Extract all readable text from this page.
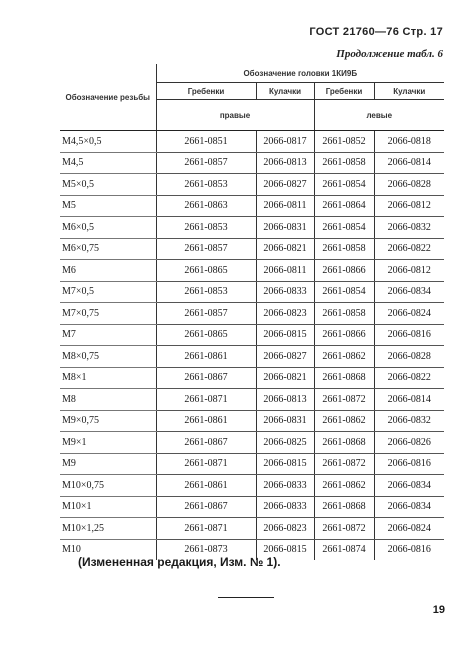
ГОСТ 21760—76 Стр. 17
Продолжение табл. 6
Обозначение резьбы	Обозначение головки 1КИ9Б			
	Гребенки	Кулачки	Гребенки	Кулачки
	правые		левые	
M4,5×0,5	2661-0851	2066-0817	2661-0852	2066-0818
M4,5	2661-0857	2066-0813	2661-0858	2066-0814
M5×0,5	2661-0853	2066-0827	2661-0854	2066-0828
M5	2661-0863	2066-0811	2661-0864	2066-0812
M6×0,5	2661-0853	2066-0831	2661-0854	2066-0832
M6×0,75	2661-0857	2066-0821	2661-0858	2066-0822
M6	2661-0865	2066-0811	2661-0866	2066-0812
M7×0,5	2661-0853	2066-0833	2661-0854	2066-0834
M7×0,75	2661-0857	2066-0823	2661-0858	2066-0824
M7	2661-0865	2066-0815	2661-0866	2066-0816
M8×0,75	2661-0861	2066-0827	2661-0862	2066-0828
M8×1	2661-0867	2066-0821	2661-0868	2066-0822
M8	2661-0871	2066-0813	2661-0872	2066-0814
M9×0,75	2661-0861	2066-0831	2661-0862	2066-0832
M9×1	2661-0867	2066-0825	2661-0868	2066-0826
M9	2661-0871	2066-0815	2661-0872	2066-0816
M10×0,75	2661-0861	2066-0833	2661-0862	2066-0834
M10×1	2661-0867	2066-0833	2661-0868	2066-0834
M10×1,25	2661-0871	2066-0823	2661-0872	2066-0824
M10	2661-0873	2066-0815	2661-0874	2066-0816
(Измененная редакция, Изм. № 1).
19
